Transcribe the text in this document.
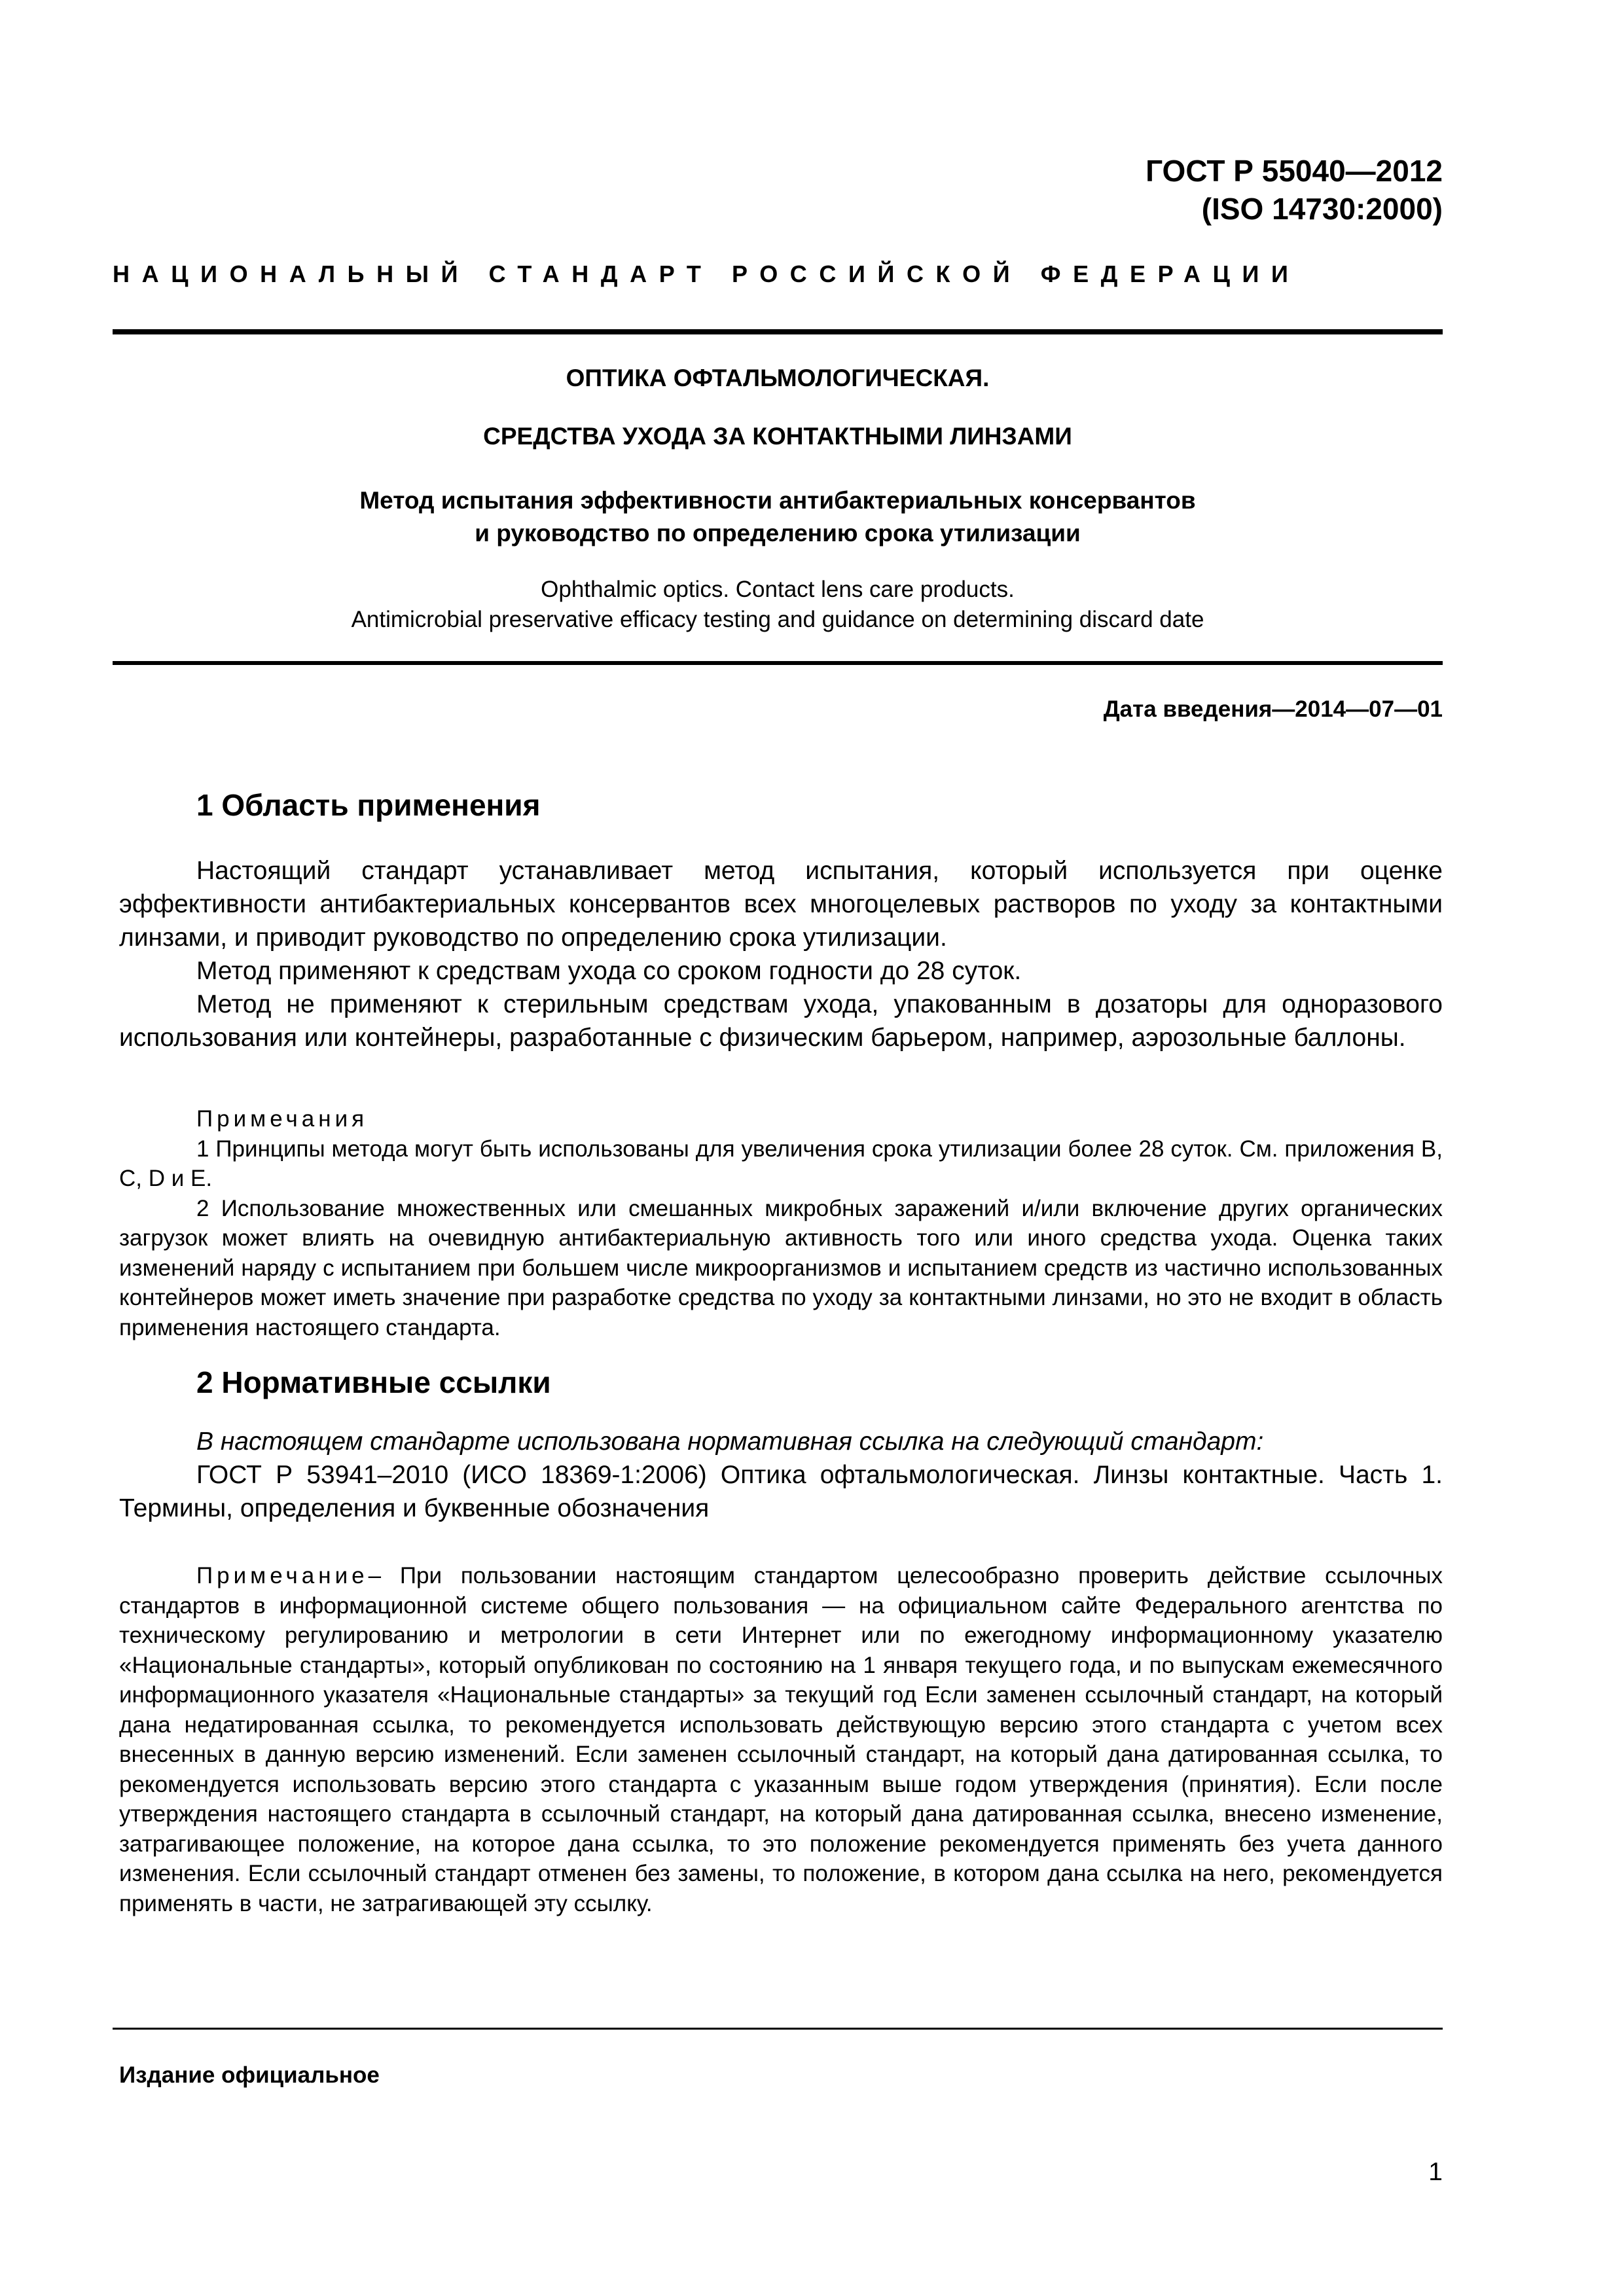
ГОСТ Р 55040—2012
(ISO 14730:2000)
НАЦИОНАЛЬНЫЙ СТАНДАРТ РОССИЙСКОЙ ФЕДЕРАЦИИ
ОПТИКА ОФТАЛЬМОЛОГИЧЕСКАЯ.
СРЕДСТВА УХОДА ЗА КОНТАКТНЫМИ ЛИНЗАМИ
Метод испытания эффективности антибактериальных консервантов
и руководство по определению срока утилизации
Ophthalmic optics. Contact lens care products.
Antimicrobial preservative efficacy testing and guidance on determining discard date
Дата введения—2014—07—01
1 Область применения

Настоящий стандарт устанавливает метод испытания, который используется при оценке эффективности антибактериальных консервантов всех многоцелевых растворов по уходу за контактными линзами, и приводит руководство по определению срока утилизации.

Метод применяют к средствам ухода со сроком годности до 28 суток.

Метод не применяют к стерильным средствам ухода, упакованным в дозаторы для одноразового использования или контейнеры, разработанные с физическим барьером, например, аэрозольные баллоны.

Примечания

1 Принципы метода могут быть использованы для увеличения срока утилизации более 28 суток. См. приложения B, C, D и E.

2 Использование множественных или смешанных микробных заражений и/или включение других органических загрузок может влиять на очевидную антибактериальную активность того или иного средства ухода. Оценка таких изменений наряду с испытанием при большем числе микроорганизмов и испытанием средств из частично использованных контейнеров может иметь значение при разработке средства по уходу за контактными линзами, но это не входит в область применения настоящего стандарта.

2 Нормативные ссылки

В настоящем стандарте использована нормативная ссылка на следующий стандарт:

ГОСТ Р 53941–2010 (ИСО 18369-1:2006) Оптика офтальмологическая. Линзы контактные. Часть 1. Термины, определения и буквенные обозначения

Примечание– При пользовании настоящим стандартом целесообразно проверить действие ссылочных стандартов в информационной системе общего пользования — на официальном сайте Федерального агентства по техническому регулированию и метрологии в сети Интернет или по ежегодному информационному указателю «Национальные стандарты», который опубликован по состоянию на 1 января текущего года, и по выпускам ежемесячного информационного указателя «Национальные стандарты» за текущий год Если заменен ссылочный стандарт, на который дана недатированная ссылка, то рекомендуется использовать действующую версию этого стандарта с учетом всех внесенных в данную версию изменений. Если заменен ссылочный стандарт, на который дана датированная ссылка, то рекомендуется использовать версию этого стандарта с указанным выше годом утверждения (принятия). Если после утверждения настоящего стандарта в ссылочный стандарт, на который дана датированная ссылка, внесено изменение, затрагивающее положение, на которое дана ссылка, то это положение рекомендуется применять без учета данного изменения. Если ссылочный стандарт отменен без замены, то положение, в котором дана ссылка на него, рекомендуется применять в части, не затрагивающей эту ссылку.

Издание официальное
1
